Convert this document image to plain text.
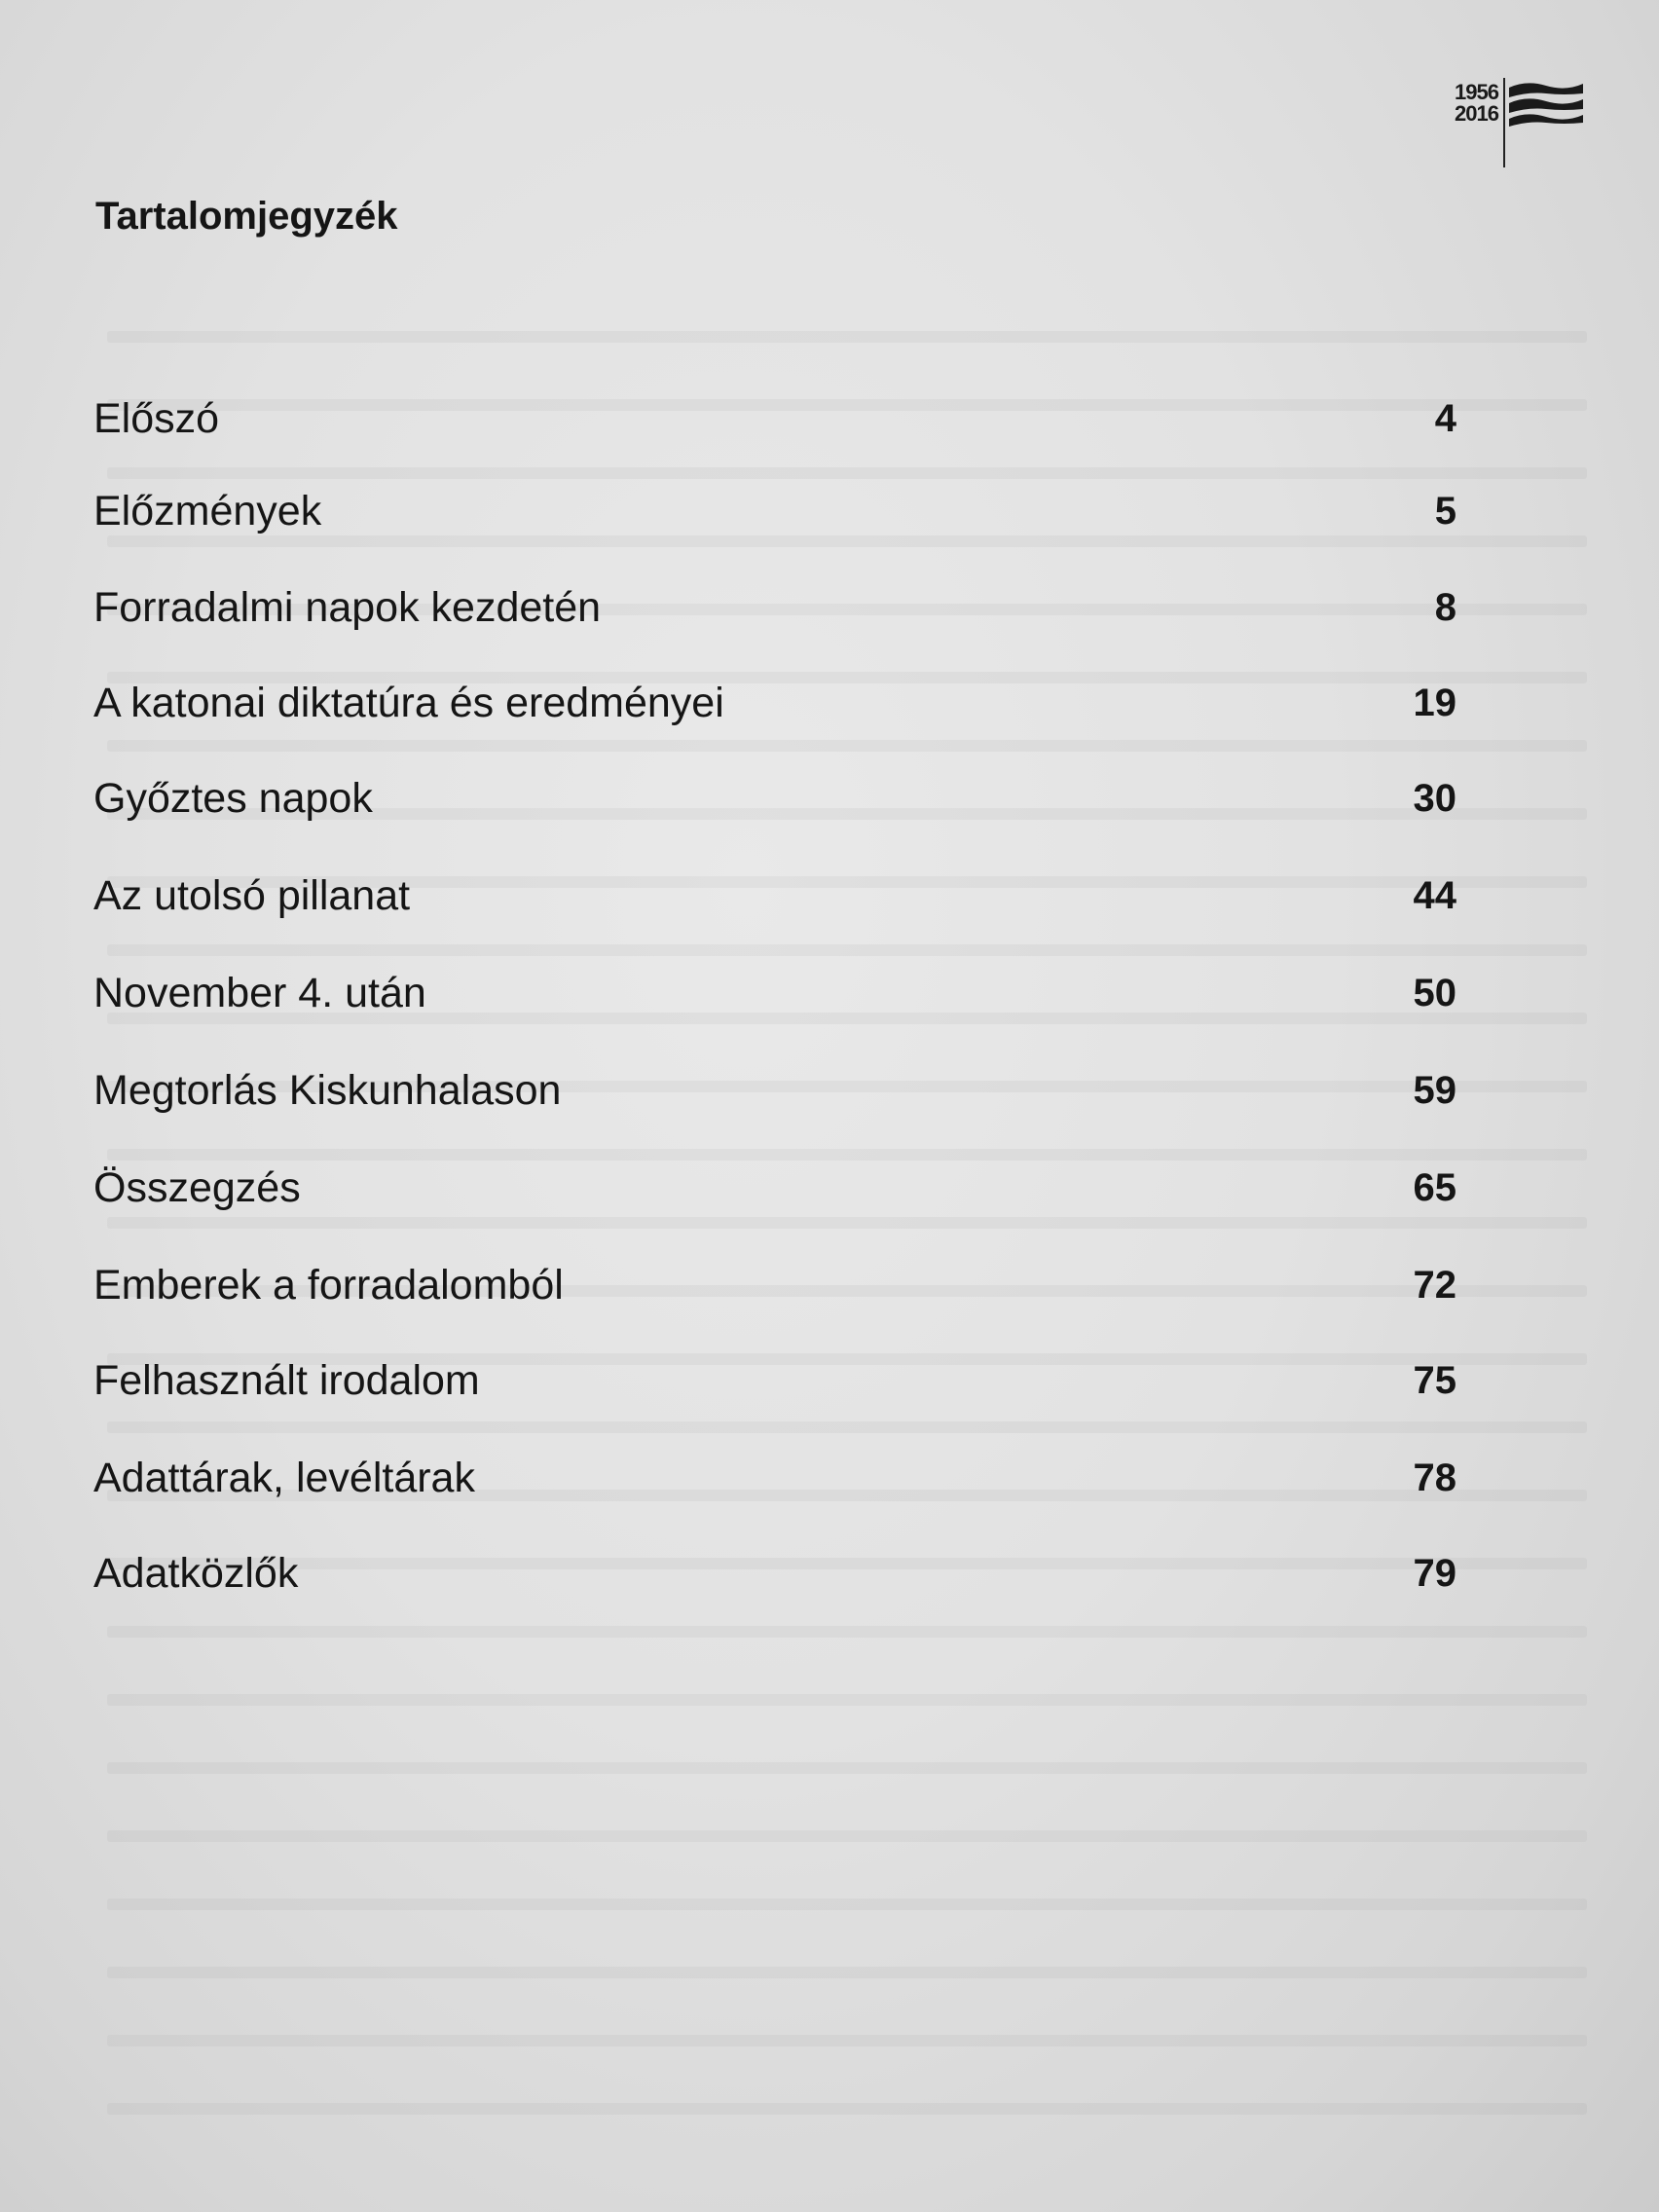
1956 2016
Tartalomjegyzék
Előszó	4
Előzmények	5
Forradalmi napok kezdetén	8
A katonai diktatúra és eredményei	19
Győztes napok	30
Az utolsó pillanat	44
November 4. után	50
Megtorlás Kiskunhalason	59
Összegzés	65
Emberek a forradalomból	72
Felhasznált irodalom	75
Adattárak, levéltárak	78
Adatközlők	79
